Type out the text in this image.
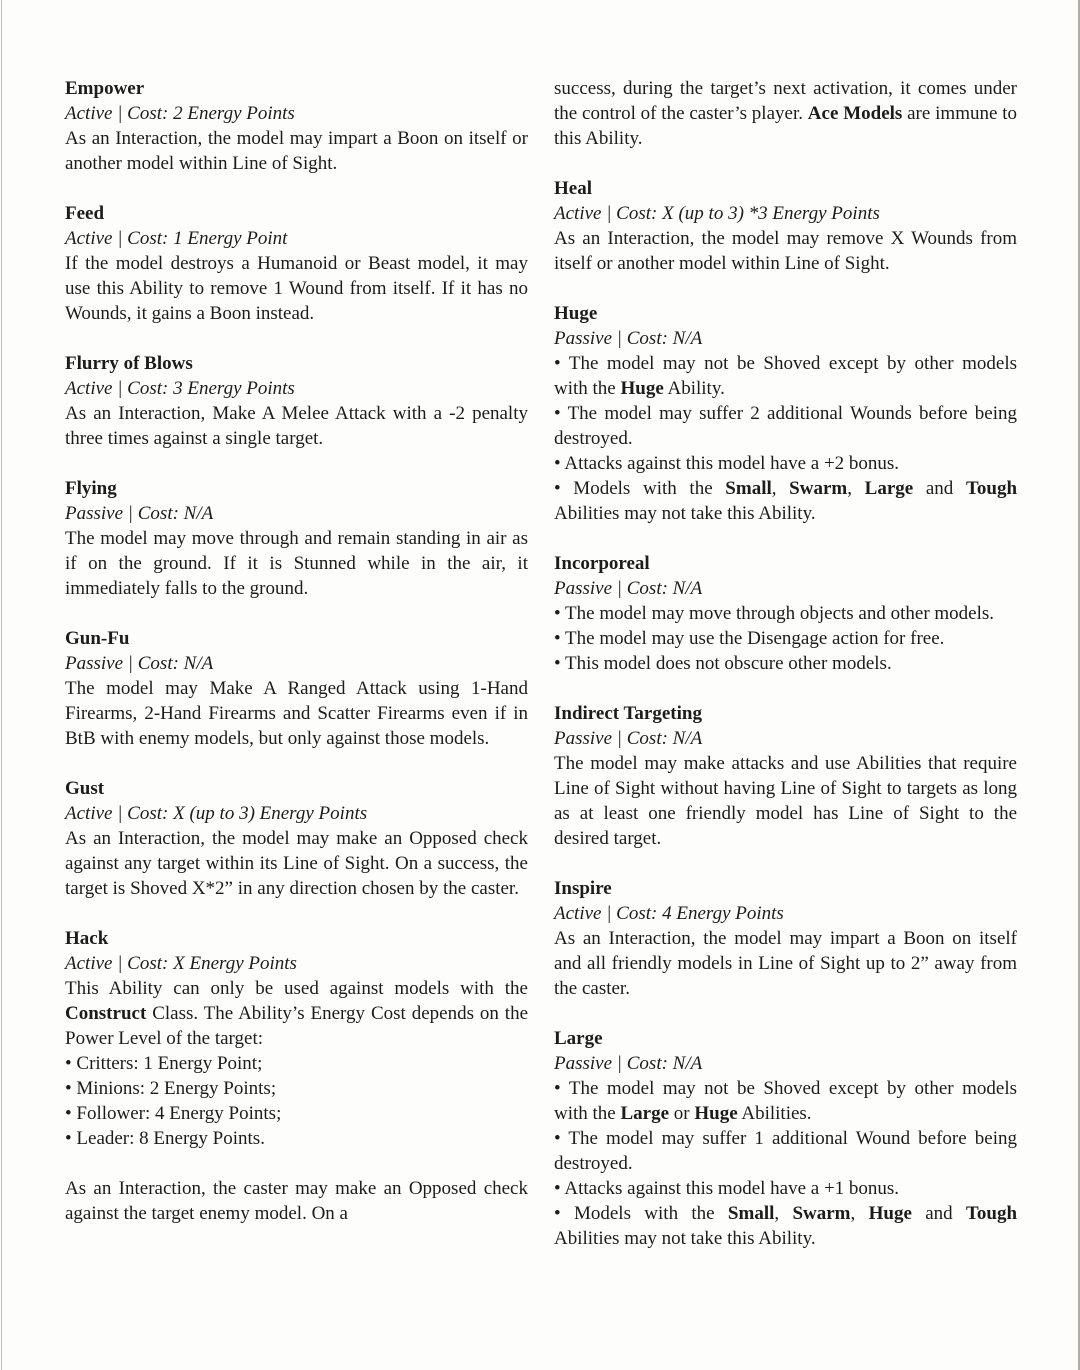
Empower

Active | Cost: 2 Energy Points

As an Interaction, the model may impart a Boon on itself or another model within Line of Sight.

Feed

Active | Cost: 1 Energy Point

If the model destroys a Humanoid or Beast model, it may use this Ability to remove 1 Wound from itself. If it has no Wounds, it gains a Boon instead.

Flurry of Blows

Active | Cost: 3 Energy Points

As an Interaction, Make A Melee Attack with a -2 penalty three times against a single target.

Flying

Passive | Cost: N/A

The model may move through and remain standing in air as if on the ground. If it is Stunned while in the air, it immediately falls to the ground.

Gun-Fu

Passive | Cost: N/A

The model may Make A Ranged Attack using 1-Hand Firearms, 2-Hand Firearms and Scatter Firearms even if in BtB with enemy models, but only against those models.

Gust

Active | Cost: X (up to 3) Energy Points

As an Interaction, the model may make an Opposed check against any target within its Line of Sight. On a success, the target is Shoved X*2” in any direction chosen by the caster.

Hack

Active | Cost: X Energy Points

This Ability can only be used against models with the Construct Class. The Ability’s Energy Cost depends on the Power Level of the target:

• Critters: 1 Energy Point;

• Minions: 2 Energy Points;

• Follower: 4 Energy Points;

• Leader: 8 Energy Points.

As an Interaction, the caster may make an Opposed check against the target enemy model. On a

success, during the target’s next activation, it comes under the control of the caster’s player. Ace Models are immune to this Ability.

Heal

Active | Cost: X (up to 3) *3 Energy Points

As an Interaction, the model may remove X Wounds from itself or another model within Line of Sight.

Huge

Passive | Cost: N/A

• The model may not be Shoved except by other models with the Huge Ability.

• The model may suffer 2 additional Wounds before being destroyed.

• Attacks against this model have a +2 bonus.

• Models with the Small, Swarm, Large and Tough Abilities may not take this Ability.

Incorporeal

Passive | Cost: N/A

• The model may move through objects and other models.

• The model may use the Disengage action for free.

• This model does not obscure other models.

Indirect Targeting

Passive | Cost: N/A

The model may make attacks and use Abilities that require Line of Sight without having Line of Sight to targets as long as at least one friendly model has Line of Sight to the desired target.

Inspire

Active | Cost: 4 Energy Points

As an Interaction, the model may impart a Boon on itself and all friendly models in Line of Sight up to 2” away from the caster.

Large

Passive | Cost: N/A

• The model may not be Shoved except by other models with the Large or Huge Abilities.

• The model may suffer 1 additional Wound before being destroyed.

• Attacks against this model have a +1 bonus.

• Models with the Small, Swarm, Huge and Tough Abilities may not take this Ability.
